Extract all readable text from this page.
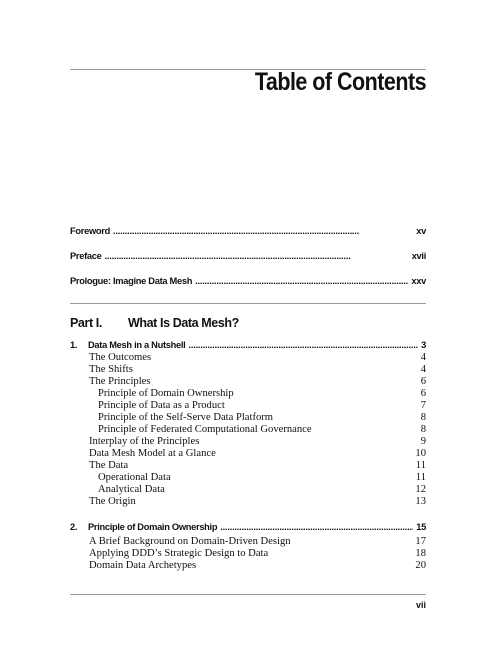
Table of Contents
Foreword . . .	xv
Preface . . .	xvii
Prologue: Imagine Data Mesh . . .	xxv
Part I. What Is Data Mesh?
1. Data Mesh in a Nutshell . . .	3
The Outcomes	4
The Shifts	4
The Principles	6
Principle of Domain Ownership	6
Principle of Data as a Product	7
Principle of the Self-Serve Data Platform	8
Principle of Federated Computational Governance	8
Interplay of the Principles	9
Data Mesh Model at a Glance	10
The Data	11
Operational Data	11
Analytical Data	12
The Origin	13
2. Principle of Domain Ownership . . .	15
A Brief Background on Domain-Driven Design	17
Applying DDD’s Strategic Design to Data	18
Domain Data Archetypes	20
vii
